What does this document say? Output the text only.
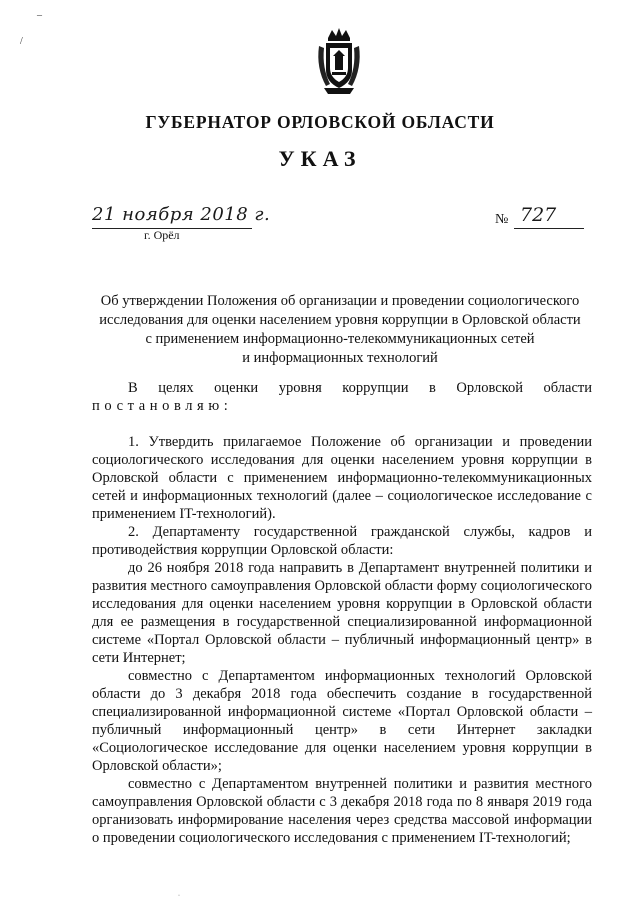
_
/
ГУБЕРНАТОР ОРЛОВСКОЙ ОБЛАСТИ
УКАЗ
21 ноября 2018 г.
г. Орёл
№ 727
Об утверждении Положения об организации и проведении социологического
исследования для оценки населением уровня коррупции в Орловской области
с применением информационно-телекоммуникационных сетей
и информационных технологий

В целях оценки уровня коррупции в Орловской области

постановляю:

1. Утвердить прилагаемое Положение об организации и проведении социологического исследования для оценки населением уровня коррупции в Орловской области с применением информационно-телекоммуникационных сетей и информационных технологий (далее – социологическое исследование с применением IT-технологий).

2. Департаменту государственной гражданской службы, кадров и противодействия коррупции Орловской области:

до 26 ноября 2018 года направить в Департамент внутренней политики и развития местного самоуправления Орловской области форму социологического исследования для оценки населением уровня коррупции в Орловской области для ее размещения в государственной специализированной информационной системе «Портал Орловской области – публичный информационный центр» в сети Интернет;

совместно с Департаментом информационных технологий Орловской области до 3 декабря 2018 года обеспечить создание в государственной специализированной информационной системе «Портал Орловской области – публичный информационный центр» в сети Интернет закладки «Социологическое исследование для оценки населением уровня коррупции в Орловской области»;

совместно с Департаментом внутренней политики и развития местного самоуправления Орловской области с 3 декабря 2018 года по 8 января 2019 года организовать информирование населения через средства массовой информации о проведении социологического исследования с применением IT-технологий;

·
